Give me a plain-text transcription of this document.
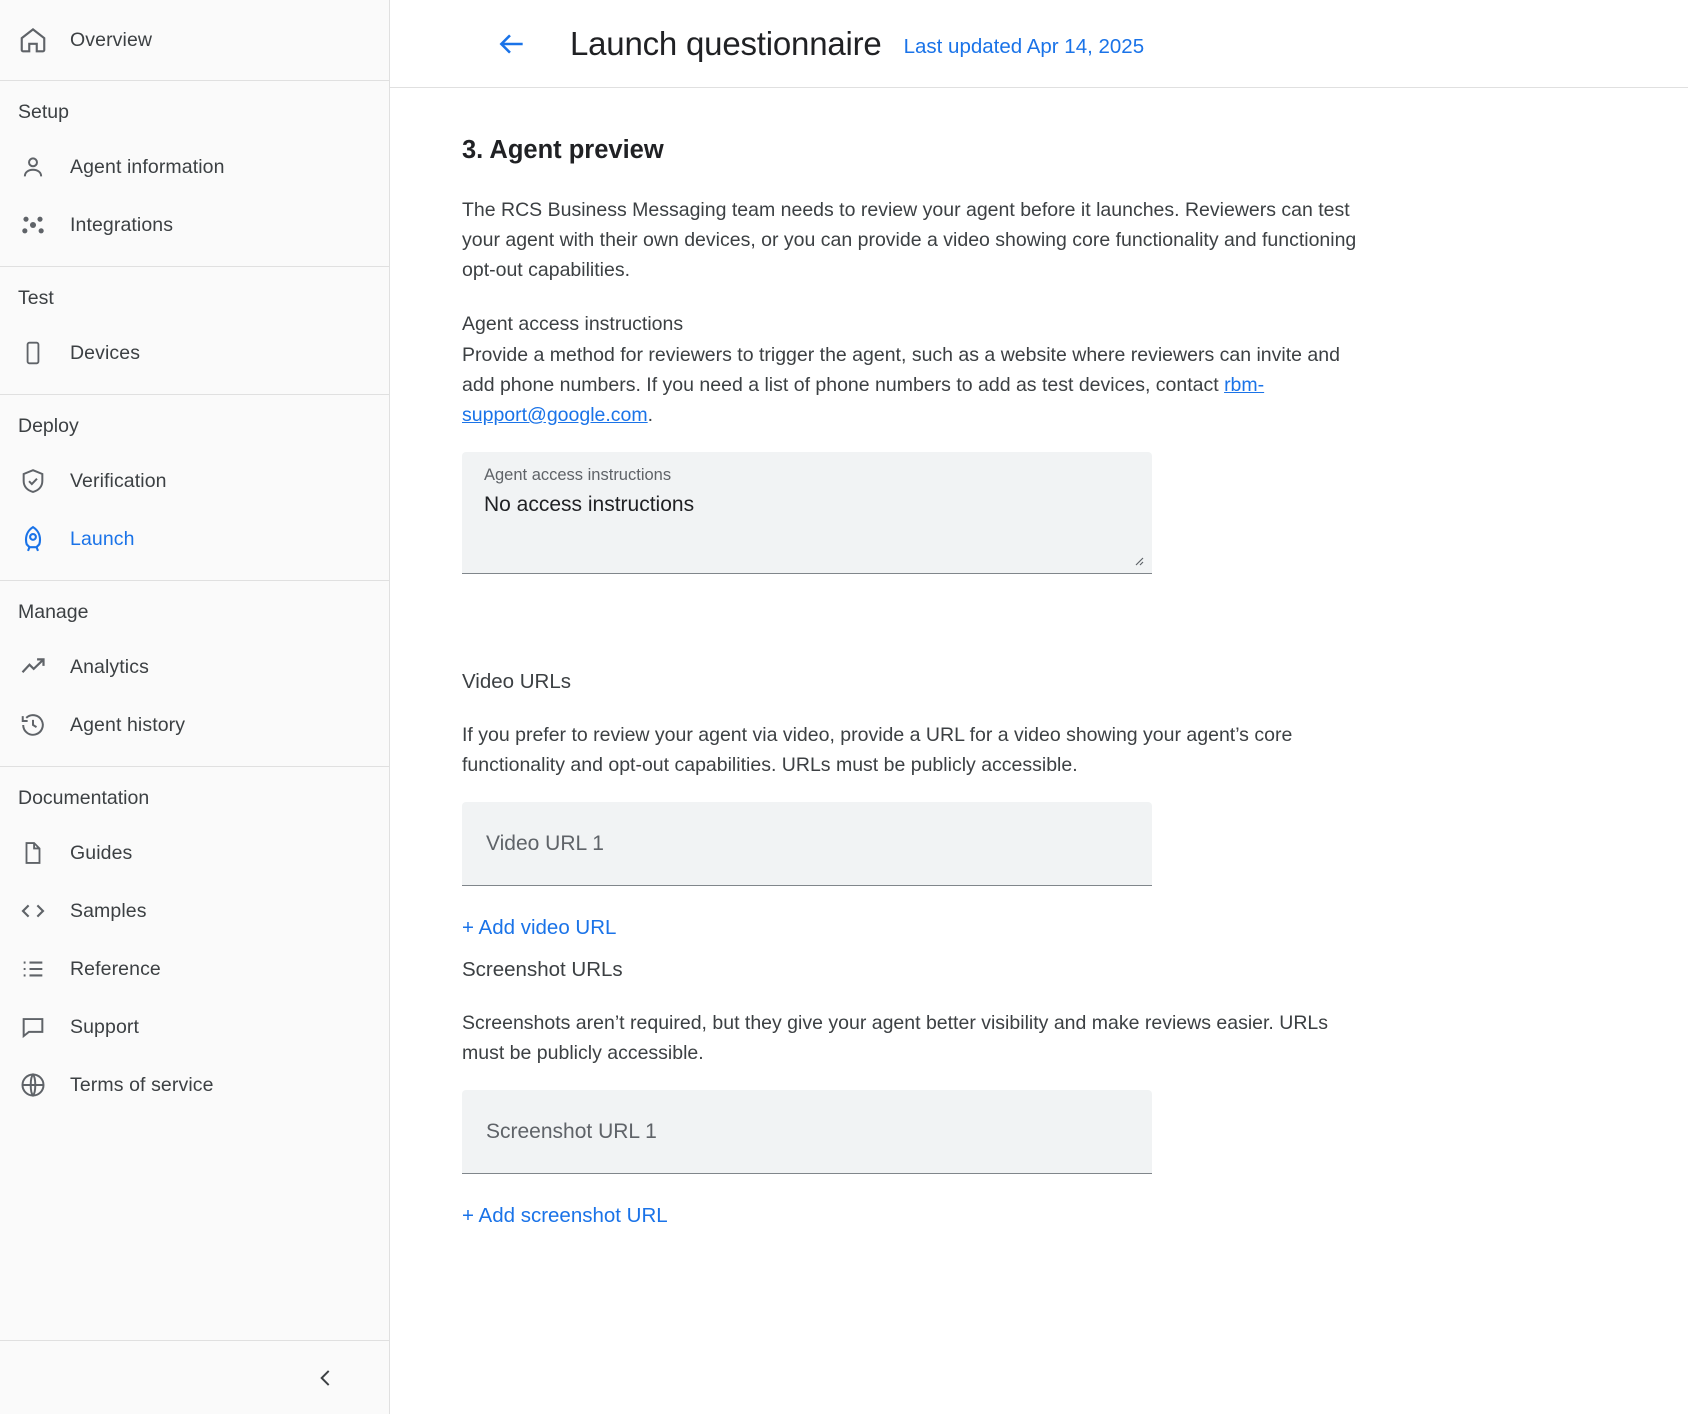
Overview
Setup
Agent information
Integrations
Test
Devices
Deploy
Verification
Launch
Manage
Analytics
Agent history
Documentation
Guides
Samples
Reference
Support
Terms of service
Launch questionnaire Last updated Apr 14, 2025
3. Agent preview

The RCS Business Messaging team needs to review your agent before it launches. Reviewers can test your agent with their own devices, or you can provide a video showing core functionality and functioning opt-out capabilities.

Agent access instructions

Provide a method for reviewers to trigger the agent, such as a website where reviewers can invite and add phone numbers. If you need a list of phone numbers to add as test devices, contact rbm-support@google.com.

Agent access instructions
No access instructions
Video URLs

If you prefer to review your agent via video, provide a URL for a video showing your agent’s core functionality and opt-out capabilities. URLs must be publicly accessible.

Video URL 1
+ Add video URL
Screenshot URLs

Screenshots aren’t required, but they give your agent better visibility and make reviews easier. URLs must be publicly accessible.

Screenshot URL 1
+ Add screenshot URL
